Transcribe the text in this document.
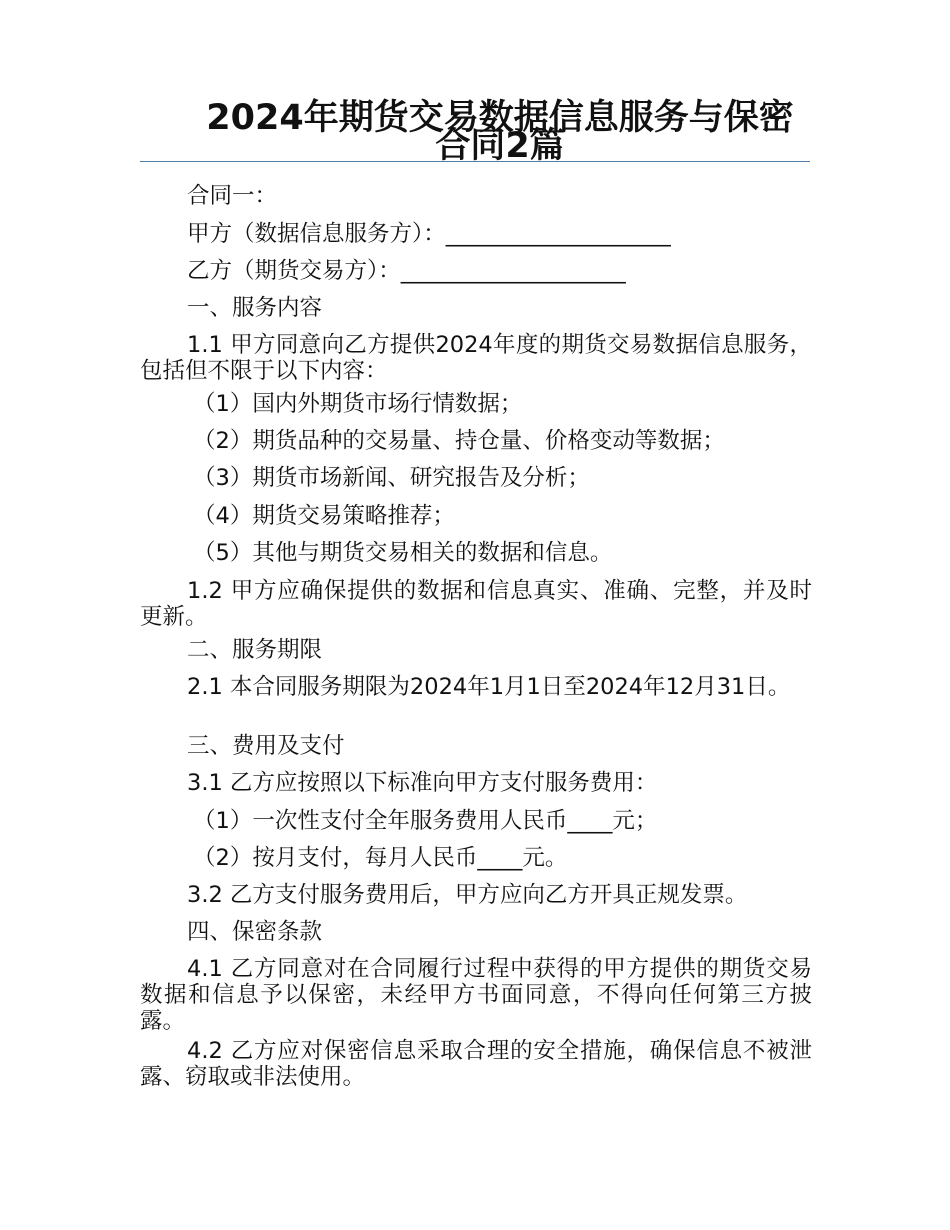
2024年期货交易数据信息服务与保密合同2篇
合同一：
甲方（数据信息服务方）：____________________
乙方（期货交易方）：____________________
一、服务内容
1.1 甲方同意向乙方提供2024年度的期货交易数据信息服务，包括但不限于以下内容：
（1）国内外期货市场行情数据；
（2）期货品种的交易量、持仓量、价格变动等数据；
（3）期货市场新闻、研究报告及分析；
（4）期货交易策略推荐；
（5）其他与期货交易相关的数据和信息。
1.2 甲方应确保提供的数据和信息真实、准确、完整，并及时更新。
二、服务期限
2.1 本合同服务期限为2024年1月1日至2024年12月31日。
三、费用及支付
3.1 乙方应按照以下标准向甲方支付服务费用：
（1）一次性支付全年服务费用人民币____元；
（2）按月支付，每月人民币____元。
3.2 乙方支付服务费用后，甲方应向乙方开具正规发票。
四、保密条款
4.1 乙方同意对在合同履行过程中获得的甲方提供的期货交易数据和信息予以保密，未经甲方书面同意，不得向任何第三方披露。
4.2 乙方应对保密信息采取合理的安全措施，确保信息不被泄露、窃取或非法使用。
